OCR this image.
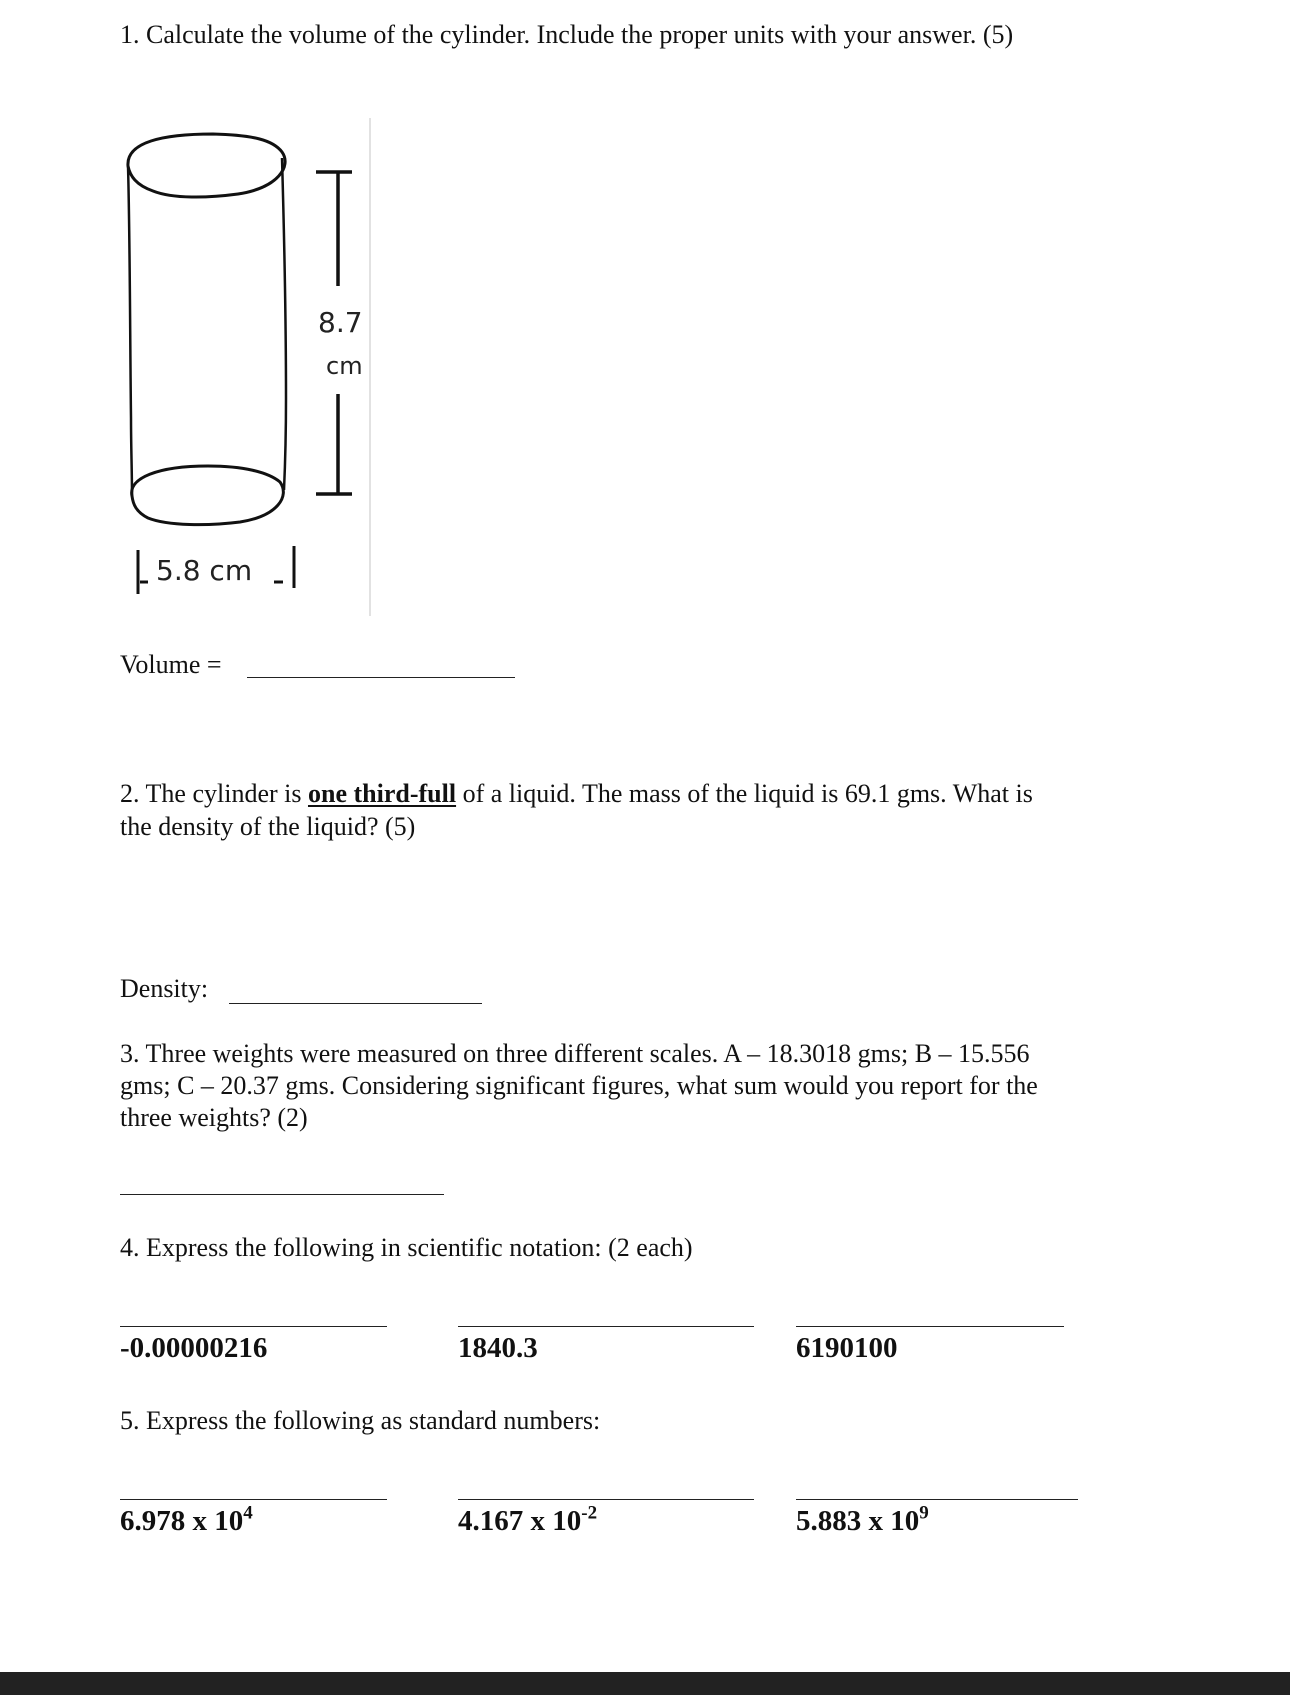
1. Calculate the volume of the cylinder. Include the proper units with your answer. (5)

8.7
cm
5.8 cm

Volume =

2. The cylinder is one third-full of a liquid. The mass of the liquid is 69.1 gms. What is

the density of the liquid? (5)

Density:

3. Three weights were measured on three different scales. A – 18.3018 gms; B – 15.556

gms; C – 20.37 gms. Considering significant figures, what sum would you report for the

three weights? (2)

4. Express the following in scientific notation: (2 each)

-0.00000216	1840.3	6190100

5. Express the following as standard numbers:

6.978 x $10^4$	4.167 x $10^{-2}$	5.883 x $10^9$
